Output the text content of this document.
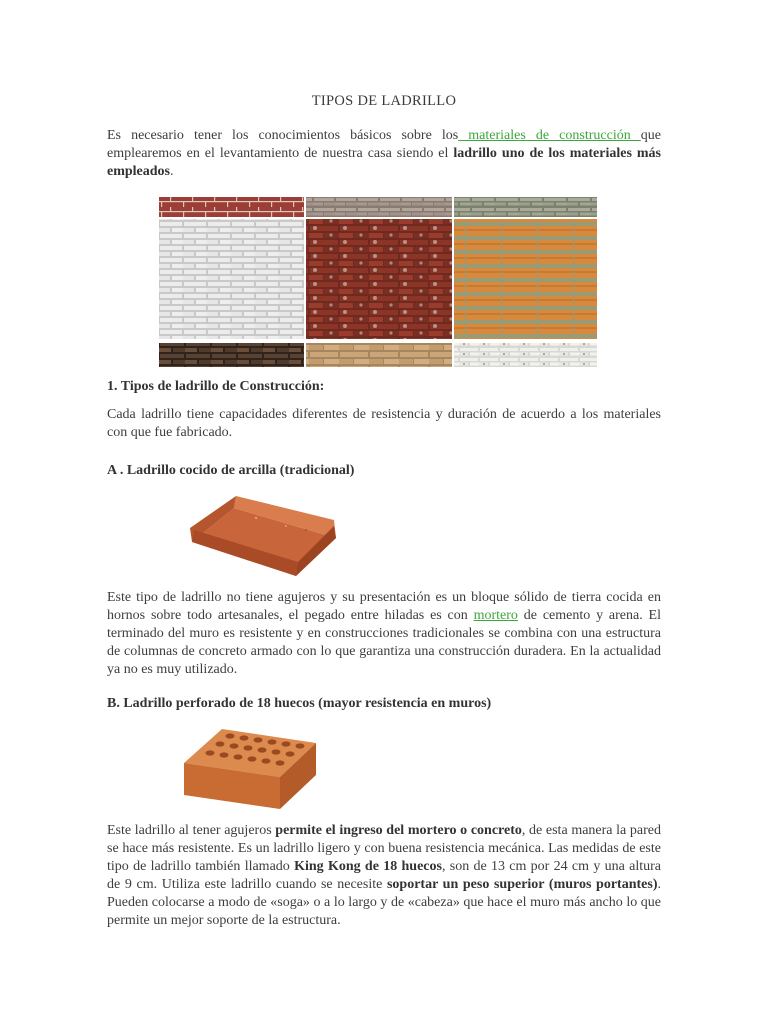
TIPOS DE LADRILLO
Es necesario tener los conocimientos básicos sobre los materiales de construcción que emplearemos en el levantamiento de nuestra casa siendo el ladrillo uno de los materiales más empleados.
1. Tipos de ladrillo de Construcción:
Cada ladrillo tiene capacidades diferentes de resistencia y duración de acuerdo a los materiales con que fue fabricado.
A . Ladrillo cocido de arcilla (tradicional)
Este tipo de ladrillo no tiene agujeros y su presentación es un bloque sólido de tierra cocida en hornos sobre todo artesanales, el pegado entre hiladas es con mortero de cemento y arena. El terminado del muro es resistente y en construcciones tradicionales se combina con una estructura de columnas de concreto armado con lo que garantiza una construcción duradera. En la actualidad ya no es muy utilizado.
B. Ladrillo perforado de 18 huecos (mayor resistencia en muros)
Este ladrillo al tener agujeros permite el ingreso del mortero o concreto, de esta manera la pared se hace más resistente. Es un ladrillo ligero y con buena resistencia mecánica. Las medidas de este tipo de ladrillo también llamado King Kong de 18 huecos, son de 13 cm por 24 cm y una altura de 9 cm. Utiliza este ladrillo cuando se necesite soportar un peso superior (muros portantes). Pueden colocarse a modo de «soga» o a lo largo y de «cabeza» que hace el muro más ancho lo que permite un mejor soporte de la estructura.
